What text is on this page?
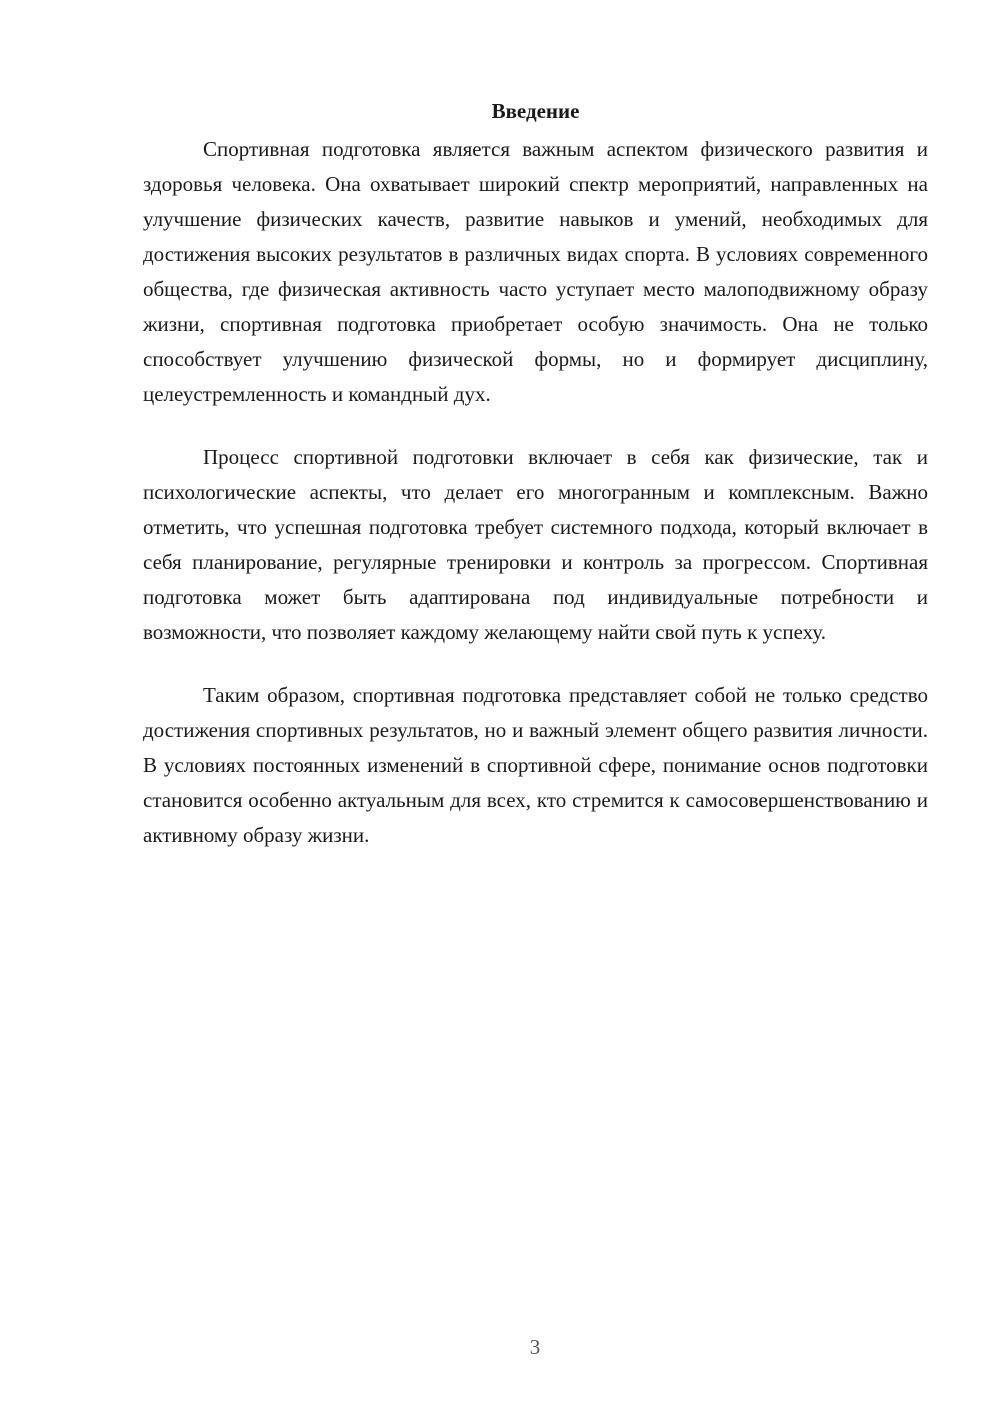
Введение

Спортивная подготовка является важным аспектом физического развития и здоровья человека. Она охватывает широкий спектр мероприятий, направленных на улучшение физических качеств, развитие навыков и умений, необходимых для достижения высоких результатов в различных видах спорта. В условиях современного общества, где физическая активность часто уступает место малоподвижному образу жизни, спортивная подготовка приобретает особую значимость. Она не только способствует улучшению физической формы, но и формирует дисциплину, целеустремленность и командный дух.

Процесс спортивной подготовки включает в себя как физические, так и психологические аспекты, что делает его многогранным и комплексным. Важно отметить, что успешная подготовка требует системного подхода, который включает в себя планирование, регулярные тренировки и контроль за прогрессом. Спортивная подготовка может быть адаптирована под индивидуальные потребности и возможности, что позволяет каждому желающему найти свой путь к успеху.

Таким образом, спортивная подготовка представляет собой не только средство достижения спортивных результатов, но и важный элемент общего развития личности. В условиях постоянных изменений в спортивной сфере, понимание основ подготовки становится особенно актуальным для всех, кто стремится к самосовершенствованию и активному образу жизни.

3
